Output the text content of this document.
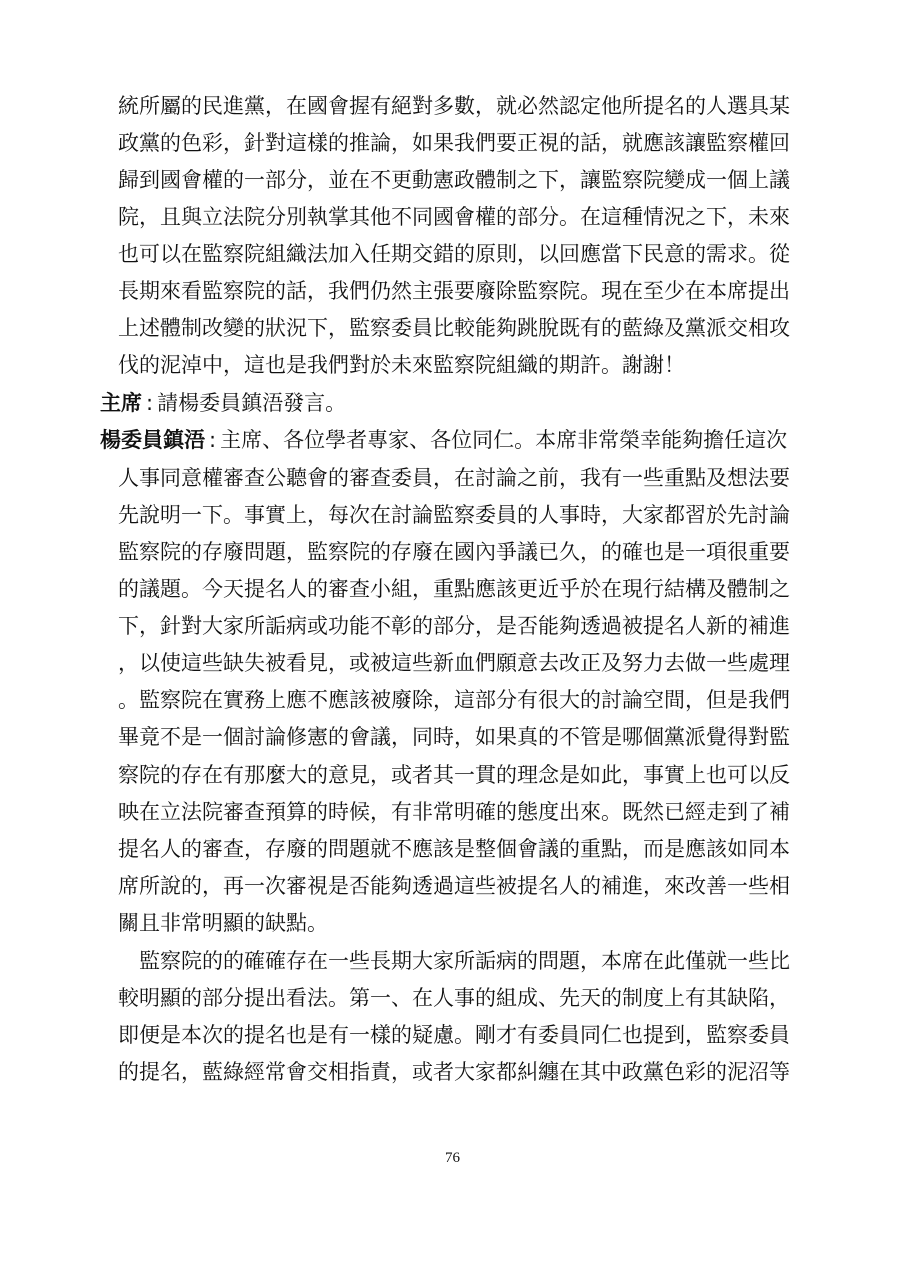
統所屬的民進黨，在國會握有絕對多數，就必然認定他所提名的人選具某
政黨的色彩，針對這樣的推論，如果我們要正視的話，就應該讓監察權回
歸到國會權的一部分，並在不更動憲政體制之下，讓監察院變成一個上議
院，且與立法院分別執掌其他不同國會權的部分。在這種情況之下，未來
也可以在監察院組織法加入任期交錯的原則，以回應當下民意的需求。從
長期來看監察院的話，我們仍然主張要廢除監察院。現在至少在本席提出
上述體制改變的狀況下，監察委員比較能夠跳脫既有的藍綠及黨派交相攻
伐的泥淖中，這也是我們對於未來監察院組織的期許。謝謝！
主席 : 請楊委員鎮浯發言。
楊委員鎮浯 : 主席、各位學者專家、各位同仁。本席非常榮幸能夠擔任這次
人事同意權審查公聽會的審查委員，在討論之前，我有一些重點及想法要
先說明一下。事實上，每次在討論監察委員的人事時，大家都習於先討論
監察院的存廢問題，監察院的存廢在國內爭議已久，的確也是一項很重要
的議題。今天提名人的審查小組，重點應該更近乎於在現行結構及體制之
下，針對大家所詬病或功能不彰的部分，是否能夠透過被提名人新的補進
，以使這些缺失被看見，或被這些新血們願意去改正及努力去做一些處理
。監察院在實務上應不應該被廢除，這部分有很大的討論空間，但是我們
畢竟不是一個討論修憲的會議，同時，如果真的不管是哪個黨派覺得對監
察院的存在有那麼大的意見，或者其一貫的理念是如此，事實上也可以反
映在立法院審查預算的時候，有非常明確的態度出來。既然已經走到了補
提名人的審查，存廢的問題就不應該是整個會議的重點，而是應該如同本
席所說的，再一次審視是否能夠透過這些被提名人的補進，來改善一些相
關且非常明顯的缺點。
監察院的的確確存在一些長期大家所詬病的問題，本席在此僅就一些比
較明顯的部分提出看法。第一、在人事的組成、先天的制度上有其缺陷，
即便是本次的提名也是有一樣的疑慮。剛才有委員同仁也提到，監察委員
的提名，藍綠經常會交相指責，或者大家都糾纏在其中政黨色彩的泥沼等
76
